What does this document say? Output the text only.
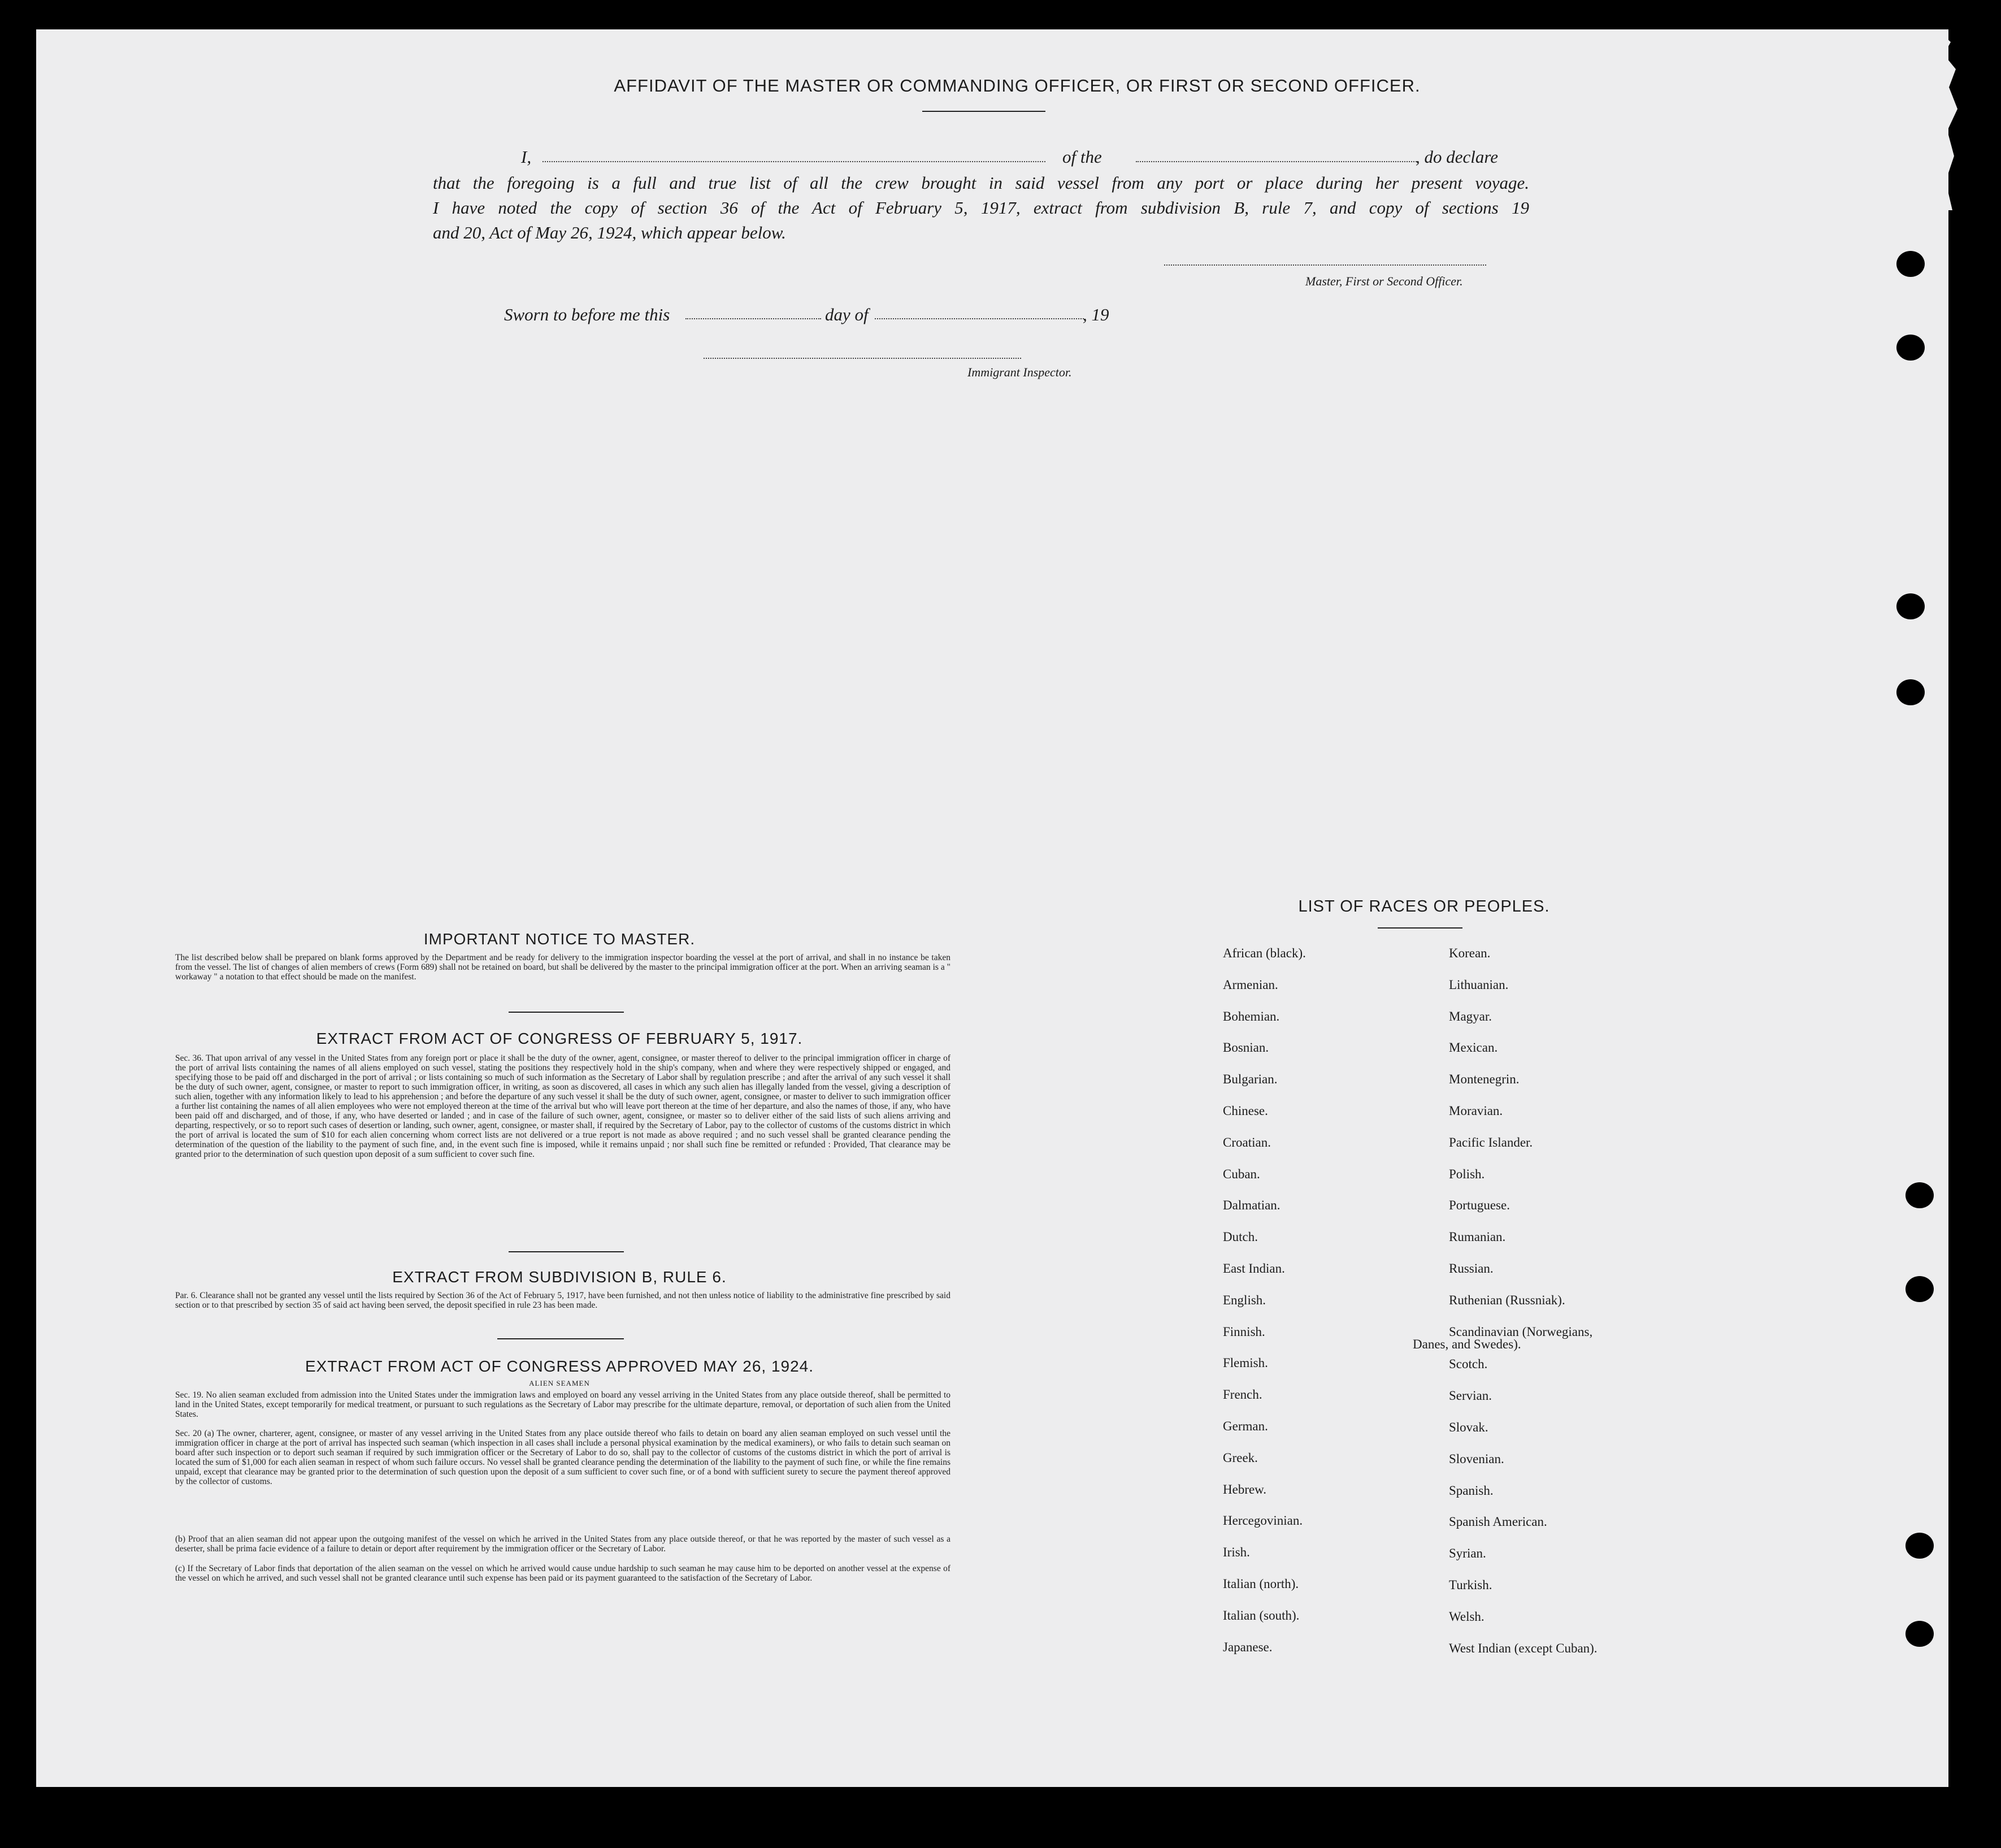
AFFIDAVIT OF THE MASTER OR COMMANDING OFFICER, OR FIRST OR SECOND OFFICER.
I,	of the	, do declare
that the foregoing is a full and true list of all the crew brought in said vessel from any port or place during her present voyage.
I have noted the copy of section 36 of the Act of February 5, 1917, extract from subdivision B, rule 7, and copy of sections 19
and 20, Act of May 26, 1924, which appear below.
Master, First or Second Officer.
Sworn to before me this	day of	, 19
Immigrant Inspector.
IMPORTANT NOTICE TO MASTER.
The list described below shall be prepared on blank forms approved by the Department and be ready for delivery to the immigration inspector boarding the vessel at the port of arrival, and shall in no instance be taken from the vessel. The list of changes of alien members of crews (Form 689) shall not be retained on board, but shall be delivered by the master to the principal immigration officer at the port. When an arriving seaman is a " workaway " a notation to that effect should be made on the manifest.
EXTRACT FROM ACT OF CONGRESS OF FEBRUARY 5, 1917.
Sec. 36. That upon arrival of any vessel in the United States from any foreign port or place it shall be the duty of the owner, agent, consignee, or master thereof to deliver to the principal immigration officer in charge of the port of arrival lists containing the names of all aliens employed on such vessel, stating the positions they respectively hold in the ship's company, when and where they were respectively shipped or engaged, and specifying those to be paid off and discharged in the port of arrival ; or lists containing so much of such information as the Secretary of Labor shall by regulation prescribe ; and after the arrival of any such vessel it shall be the duty of such owner, agent, consignee, or master to report to such immigration officer, in writing, as soon as discovered, all cases in which any such alien has illegally landed from the vessel, giving a description of such alien, together with any information likely to lead to his apprehension ; and before the departure of any such vessel it shall be the duty of such owner, agent, consignee, or master to deliver to such immigration officer a further list containing the names of all alien employees who were not employed thereon at the time of the arrival but who will leave port thereon at the time of her departure, and also the names of those, if any, who have been paid off and discharged, and of those, if any, who have deserted or landed ; and in case of the failure of such owner, agent, consignee, or master so to deliver either of the said lists of such aliens arriving and departing, respectively, or so to report such cases of desertion or landing, such owner, agent, consignee, or master shall, if required by the Secretary of Labor, pay to the collector of customs of the customs district in which the port of arrival is located the sum of $10 for each alien concerning whom correct lists are not delivered or a true report is not made as above required ; and no such vessel shall be granted clearance pending the determination of the question of the liability to the payment of such fine, and, in the event such fine is imposed, while it remains unpaid ; nor shall such fine be remitted or refunded : Provided, That clearance may be granted prior to the determination of such question upon deposit of a sum sufficient to cover such fine.
EXTRACT FROM SUBDIVISION B, RULE 6.
Par. 6. Clearance shall not be granted any vessel until the lists required by Section 36 of the Act of February 5, 1917, have been furnished, and not then unless notice of liability to the administrative fine prescribed by said section or to that prescribed by section 35 of said act having been served, the deposit specified in rule 23 has been made.
EXTRACT FROM ACT OF CONGRESS APPROVED MAY 26, 1924.
ALIEN SEAMEN
Sec. 19. No alien seaman excluded from admission into the United States under the immigration laws and employed on board any vessel arriving in the United States from any place outside thereof, shall be permitted to land in the United States, except temporarily for medical treatment, or pursuant to such regulations as the Secretary of Labor may prescribe for the ultimate departure, removal, or deportation of such alien from the United States.
Sec. 20 (a) The owner, charterer, agent, consignee, or master of any vessel arriving in the United States from any place outside thereof who fails to detain on board any alien seaman employed on such vessel until the immigration officer in charge at the port of arrival has inspected such seaman (which inspection in all cases shall include a personal physical examination by the medical examiners), or who fails to detain such seaman on board after such inspection or to deport such seaman if required by such immigration officer or the Secretary of Labor to do so, shall pay to the collector of customs of the customs district in which the port of arrival is located the sum of $1,000 for each alien seaman in respect of whom such failure occurs. No vessel shall be granted clearance pending the determination of the liability to the payment of such fine, or while the fine remains unpaid, except that clearance may be granted prior to the determination of such question upon the deposit of a sum sufficient to cover such fine, or of a bond with sufficient surety to secure the payment thereof approved by the collector of customs.
(b) Proof that an alien seaman did not appear upon the outgoing manifest of the vessel on which he arrived in the United States from any place outside thereof, or that he was reported by the master of such vessel as a deserter, shall be prima facie evidence of a failure to detain or deport after requirement by the immigration officer or the Secretary of Labor.
(c) If the Secretary of Labor finds that deportation of the alien seaman on the vessel on which he arrived would cause undue hardship to such seaman he may cause him to be deported on another vessel at the expense of the vessel on which he arrived, and such vessel shall not be granted clearance until such expense has been paid or its payment guaranteed to the satisfaction of the Secretary of Labor.
LIST OF RACES OR PEOPLES.
African (black).
Armenian.
Bohemian.
Bosnian.
Bulgarian.
Chinese.
Croatian.
Cuban.
Dalmatian.
Dutch.
East Indian.
English.
Finnish.
Flemish.
French.
German.
Greek.
Hebrew.
Hercegovinian.
Irish.
Italian (north).
Italian (south).
Japanese.
Korean.
Lithuanian.
Magyar.
Mexican.
Montenegrin.
Moravian.
Pacific Islander.
Polish.
Portuguese.
Rumanian.
Russian.
Ruthenian (Russniak).
Scandinavian (Norwegians,
Scotch.
Servian.
Slovak.
Slovenian.
Spanish.
Spanish American.
Syrian.
Turkish.
Welsh.
West Indian (except Cuban).
Danes, and Swedes).
